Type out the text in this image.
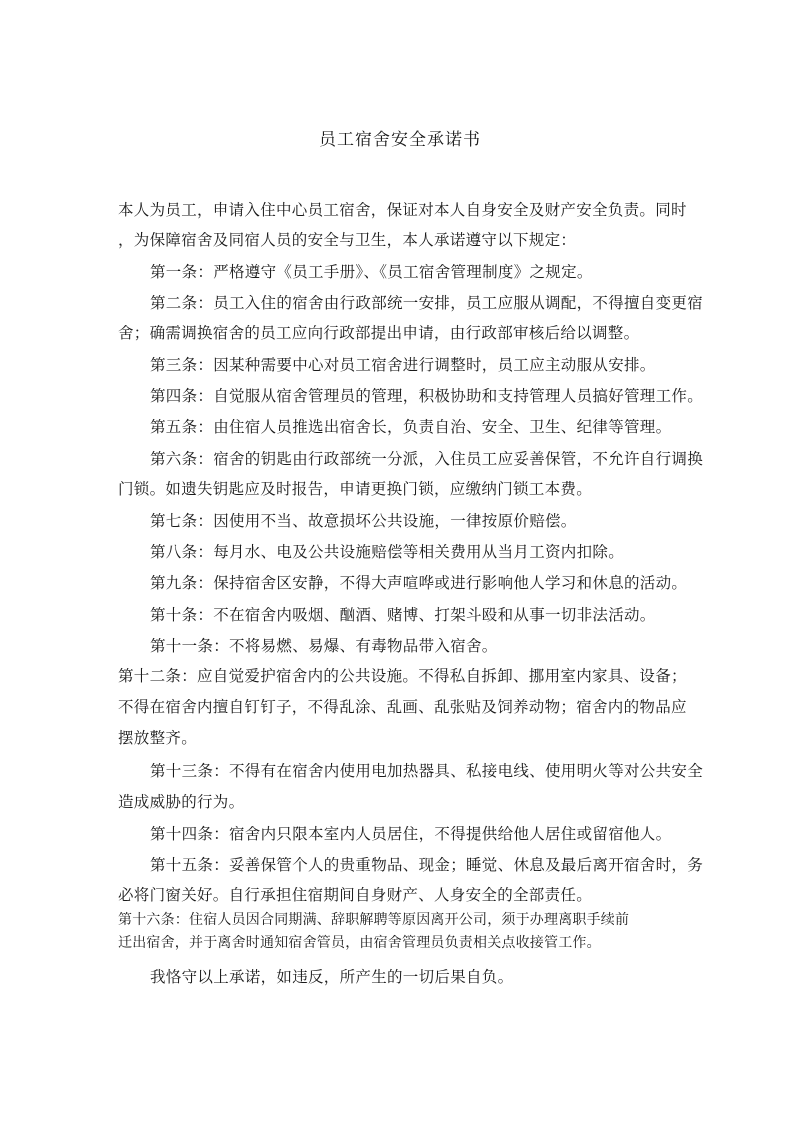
员工宿舍安全承诺书
本人为员工，申请入住中心员工宿舍，保证对本人自身安全及财产安全负责。同时
，为保障宿舍及同宿人员的安全与卫生，本人承诺遵守以下规定：
第一条：严格遵守《员工手册》、《员工宿舍管理制度》之规定。
第二条：员工入住的宿舍由行政部统一安排，员工应服从调配，不得擅自变更宿
舍；确需调换宿舍的员工应向行政部提出申请，由行政部审核后给以调整。
第三条：因某种需要中心对员工宿舍进行调整时，员工应主动服从安排。
第四条：自觉服从宿舍管理员的管理，积极协助和支持管理人员搞好管理工作。
第五条：由住宿人员推选出宿舍长，负责自治、安全、卫生、纪律等管理。
第六条：宿舍的钥匙由行政部统一分派，入住员工应妥善保管，不允许自行调换
门锁。如遗失钥匙应及时报告，申请更换门锁，应缴纳门锁工本费。
第七条：因使用不当、故意损坏公共设施，一律按原价赔偿。
第八条：每月水、电及公共设施赔偿等相关费用从当月工资内扣除。
第九条：保持宿舍区安静，不得大声喧哗或进行影响他人学习和休息的活动。
第十条：不在宿舍内吸烟、酗酒、赌博、打架斗殴和从事一切非法活动。
第十一条：不将易燃、易爆、有毒物品带入宿舍。
第十二条：应自觉爱护宿舍内的公共设施。不得私自拆卸、挪用室内家具、设备；
不得在宿舍内擅自钉钉子，不得乱涂、乱画、乱张贴及饲养动物；宿舍内的物品应
摆放整齐。
第十三条：不得有在宿舍内使用电加热器具、私接电线、使用明火等对公共安全
造成威胁的行为。
第十四条：宿舍内只限本室内人员居住，不得提供给他人居住或留宿他人。
第十五条：妥善保管个人的贵重物品、现金；睡觉、休息及最后离开宿舍时，务
必将门窗关好。自行承担住宿期间自身财产、人身安全的全部责任。
第十六条：住宿人员因合同期满、辞职解聘等原因离开公司，须于办理离职手续前
迁出宿舍，并于离舍时通知宿舍管员，由宿舍管理员负责相关点收接管工作。
我恪守以上承诺，如违反，所产生的一切后果自负。
